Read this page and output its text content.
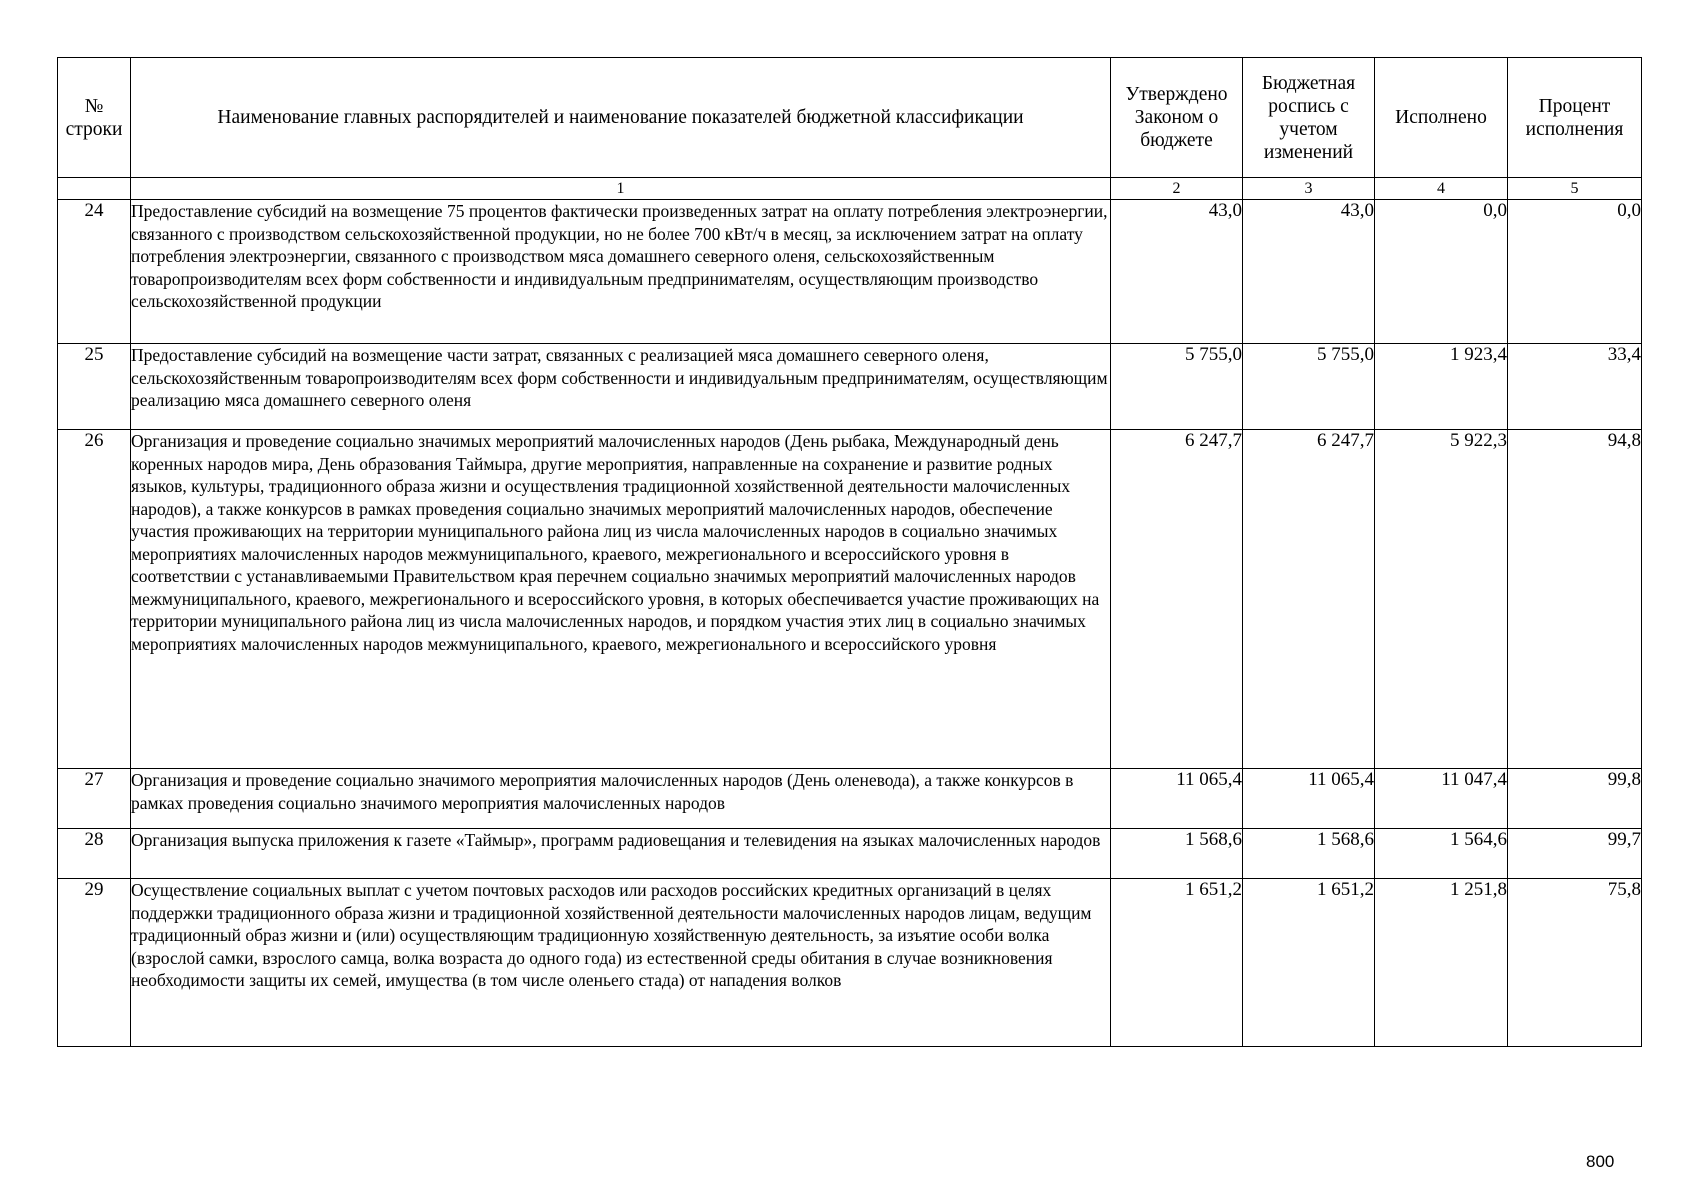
№ строки	Наименование главных распорядителей и наименование показателей бюджетной классификации	Утверждено Законом о бюджете	Бюджетная роспись с учетом изменений	Исполнено	Процент исполнения
	1	2	3	4	5
24	Предоставление субсидий на возмещение 75 процентов фактически произведенных затрат на оплату потребления электроэнергии, связанного с производством сельскохозяйственной продукции, но не более 700 кВт/ч в месяц, за исключением затрат на оплату потребления электроэнергии, связанного с производством мяса домашнего северного оленя, сельскохозяйственным товаропроизводителям всех форм собственности и индивидуальным предпринимателям, осуществляющим производство сельскохозяйственной продукции	43,0	43,0	0,0	0,0
25	Предоставление субсидий на возмещение части затрат, связанных с реализацией мяса домашнего северного оленя, сельскохозяйственным товаропроизводителям всех форм собственности и индивидуальным предпринимателям, осуществляющим реализацию мяса домашнего северного оленя	5 755,0	5 755,0	1 923,4	33,4
26	Организация и проведение социально значимых мероприятий малочисленных народов (День рыбака, Международный день коренных народов мира, День образования Таймыра, другие мероприятия, направленные на сохранение и развитие родных языков, культуры, традиционного образа жизни и осуществления традиционной хозяйственной деятельности малочисленных народов), а также конкурсов в рамках проведения социально значимых мероприятий малочисленных народов, обеспечение участия проживающих на территории муниципального района лиц из числа малочисленных народов в социально значимых мероприятиях малочисленных народов межмуниципального, краевого, межрегионального и всероссийского уровня в соответствии с устанавливаемыми Правительством края перечнем социально значимых мероприятий малочисленных народов межмуниципального, краевого, межрегионального и всероссийского уровня, в которых обеспечивается участие проживающих на территории муниципального района лиц из числа малочисленных народов, и порядком участия этих лиц в социально значимых мероприятиях малочисленных народов межмуниципального, краевого, межрегионального и всероссийского уровня	6 247,7	6 247,7	5 922,3	94,8
27	Организация и проведение социально значимого мероприятия малочисленных народов (День оленевода), а также конкурсов в рамках проведения социально значимого мероприятия малочисленных народов	11 065,4	11 065,4	11 047,4	99,8
28	Организация выпуска приложения к газете «Таймыр», программ радиовещания и телевидения на языках малочисленных народов	1 568,6	1 568,6	1 564,6	99,7
29	Осуществление социальных выплат с учетом почтовых расходов или расходов российских кредитных организаций в целях поддержки традиционного образа жизни и традиционной хозяйственной деятельности малочисленных народов лицам, ведущим традиционный образ жизни и (или) осуществляющим традиционную хозяйственную деятельность, за изъятие особи волка (взрослой самки, взрослого самца, волка возраста до одного года) из естественной среды обитания в случае возникновения необходимости защиты их семей, имущества (в том числе оленьего стада) от нападения волков	1 651,2	1 651,2	1 251,8	75,8
800
